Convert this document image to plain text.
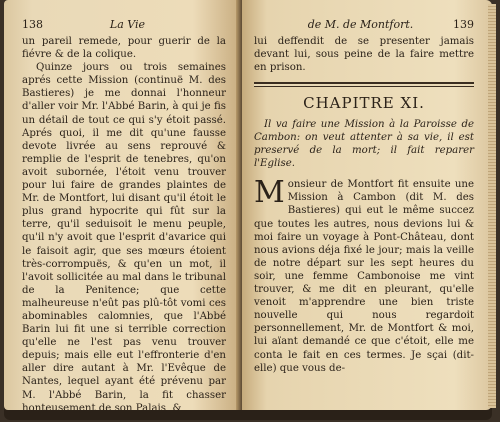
138	La Vie

un pareil remede, pour guerir de la fiévre & de la colique.

Quinze jours ou trois semaines aprés cette Mission (continuë M. des Bastieres) je me donnai l'honneur d'aller voir Mr. l'Abbé Barin, à qui je fis un détail de tout ce qui s'y étoit passé. Aprés quoi, il me dit qu'une fausse devote livrée au sens reprouvé & remplie de l'esprit de tenebres, qu'on avoit subornée, l'étoit venu trouver pour lui faire de grandes plaintes de Mr. de Montfort, lui disant qu'il étoit le plus grand hypocrite qui fût sur la terre, qu'il seduisoit le menu peuple, qu'il n'y avoit que l'esprit d'avarice qui le faisoit agir, que ses mœurs étoient très-corrompuës, & qu'en un mot, il l'avoit sollicitée au mal dans le tribunal de la Penitence; que cette malheureuse n'eût pas plû-tôt vomi ces abominables calomnies, que l'Abbé Barin lui fit une si terrible correction qu'elle ne l'est pas venu trouver depuis; mais elle eut l'effronterie d'en aller dire autant à Mr. l'Evêque de Nantes, lequel ayant été prévenu par M. l'Abbé Barin, la fit chasser honteusement de son Palais, &

de M. de Montfort.	139

lui deffendit de se presenter jamais devant lui, sous peine de la faire mettre en prison.

CHAPITRE XI.

Il va faire une Mission à la Paroisse de Cambon: on veut attenter à sa vie, il est preservé de la mort; il fait reparer l'Eglise.

M onsieur de Montfort fit ensuite une Mission à Cambon (dit M. des Bastieres) qui eut le même succez que toutes les autres, nous devions lui & moi faire un voyage à Pont-Château, dont nous avions déja fixé le jour; mais la veille de notre départ sur les sept heures du soir, une femme Cambonoise me vint trouver, & me dit en pleurant, qu'elle venoit m'apprendre une bien triste nouvelle qui nous regardoit personnellement, Mr. de Montfort & moi, lui aïant demandé ce que c'étoit, elle me conta le fait en ces termes. Je sçai (dit-elle) que vous de-
